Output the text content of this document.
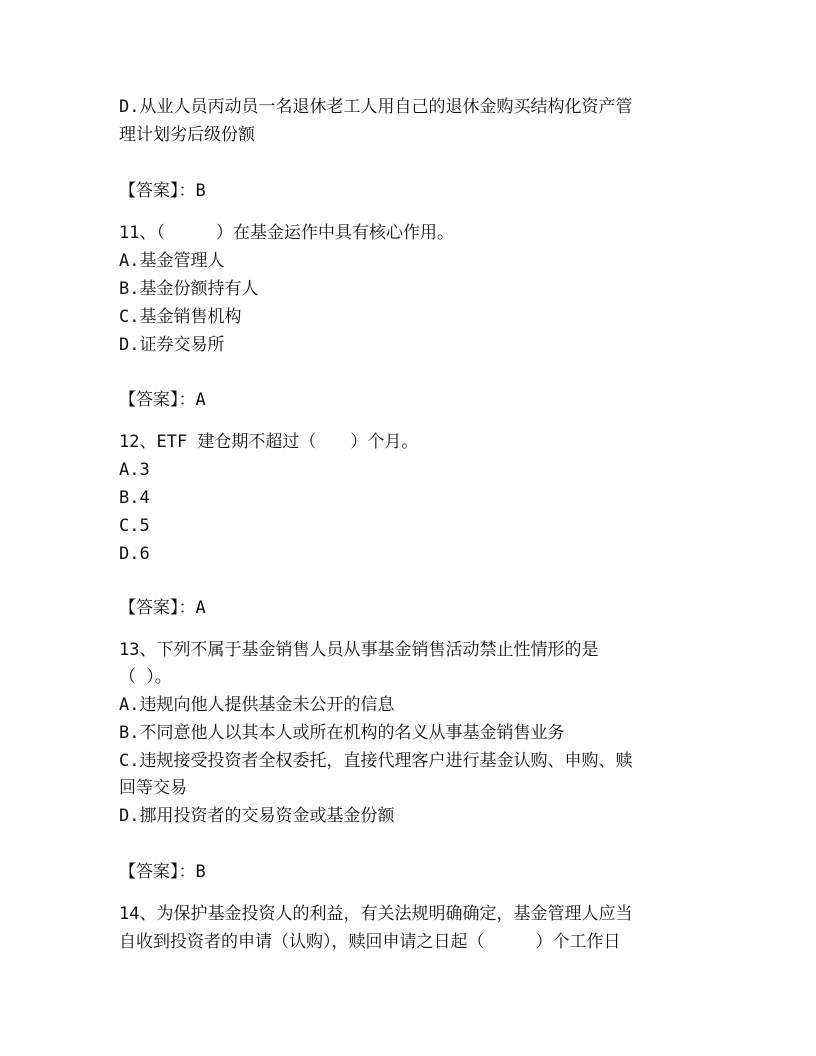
D.从业人员丙动员一名退休老工人用自己的退休金购买结构化资产管
理计划劣后级份额
【答案】：B
11、（　　　）在基金运作中具有核心作用。
A.基金管理人
B.基金份额持有人
C.基金销售机构
D.证券交易所
【答案】：A
12、ETF 建仓期不超过（　　）个月。
A.3
B.4
C.5
D.6
【答案】：A
13、下列不属于基金销售人员从事基金销售活动禁止性情形的是
（ ）。
A.违规向他人提供基金未公开的信息
B.不同意他人以其本人或所在机构的名义从事基金销售业务
C.违规接受投资者全权委托，直接代理客户进行基金认购、申购、赎
回等交易
D.挪用投资者的交易资金或基金份额
【答案】：B
14、为保护基金投资人的利益，有关法规明确确定，基金管理人应当
自收到投资者的申请（认购），赎回申请之日起（　　　）个工作日
